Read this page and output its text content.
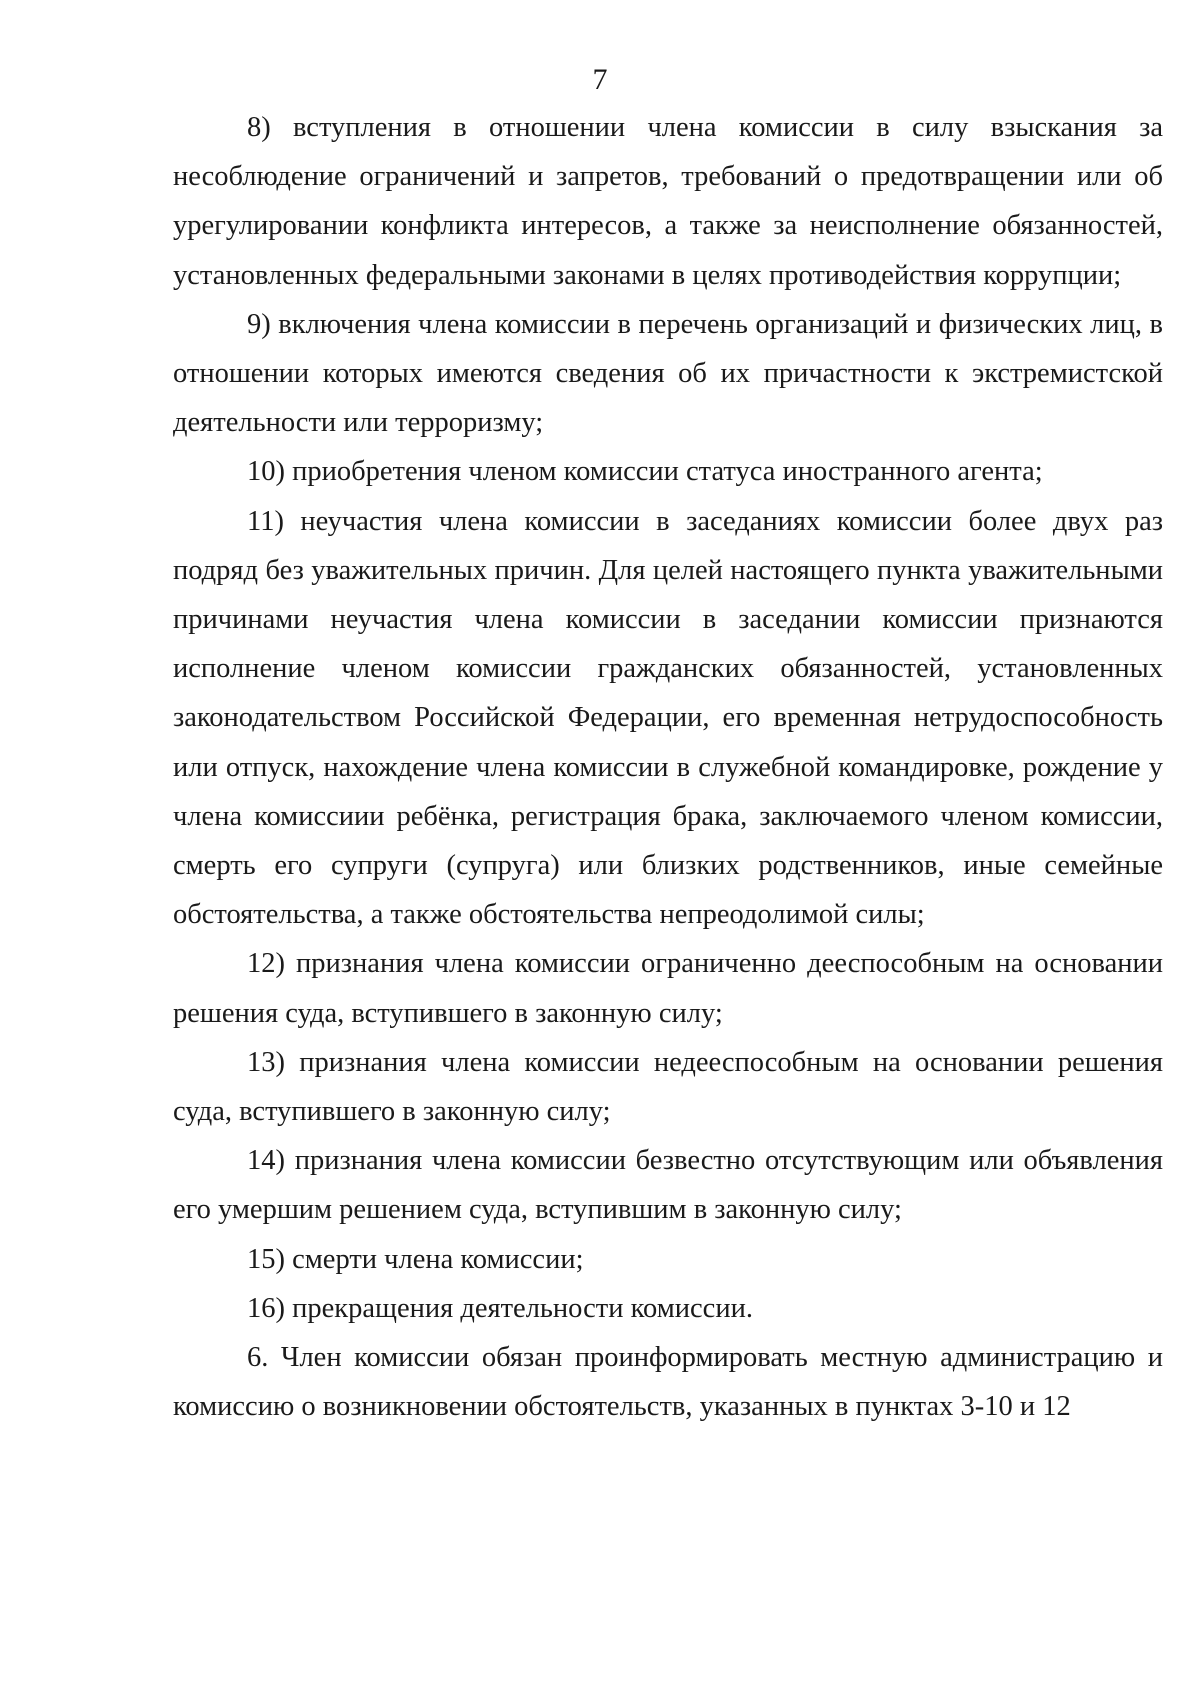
7

8) вступления в отношении члена комиссии в силу взыскания за несоблюдение ограничений и запретов, требований о предотвращении или об урегулировании конфликта интересов, а также за неисполнение обязанностей, установленных федеральными законами в целях противодействия коррупции;

9) включения члена комиссии в перечень организаций и физических лиц, в отношении которых имеются сведения об их причастности к экстремистской деятельности или терроризму;

10) приобретения членом комиссии статуса иностранного агента;

11) неучастия члена комиссии в заседаниях комиссии более двух раз подряд без уважительных причин. Для целей настоящего пункта уважительными причинами неучастия члена комиссии в заседании комиссии признаются исполнение членом комиссии гражданских обязанностей, установленных законодательством Российской Федерации, его временная нетрудоспособность или отпуск, нахождение члена комиссии в служебной командировке, рождение у члена комиссиии ребёнка, регистрация брака, заключаемого членом комиссии, смерть его супруги (супруга) или близких родственников, иные семейные обстоятельства, а также обстоятельства непреодолимой силы;

12) признания члена комиссии ограниченно дееспособным на основании решения суда, вступившего в законную силу;

13) признания члена комиссии недееспособным на основании решения суда, вступившего в законную силу;

14) признания члена комиссии безвестно отсутствующим или объявления его умершим решением суда, вступившим в законную силу;

15) смерти члена комиссии;

16) прекращения деятельности комиссии.

6. Член комиссии обязан проинформировать местную администрацию и комиссию о возникновении обстоятельств, указанных в пунктах 3-10 и 12
